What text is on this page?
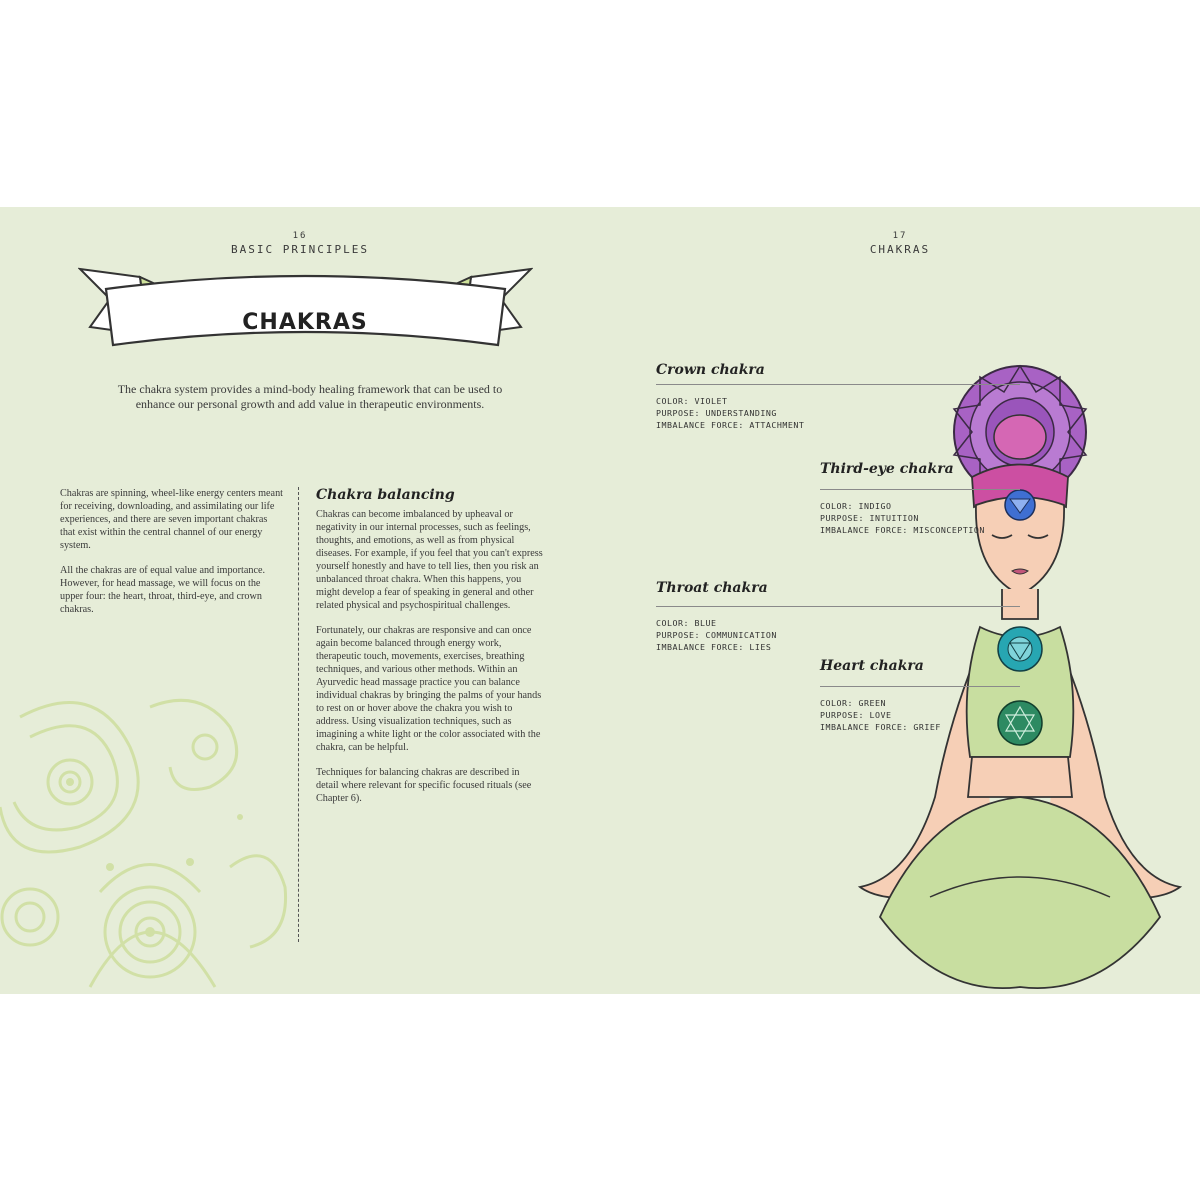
16
BASIC PRINCIPLES
CHAKRAS
The chakra system provides a mind-body healing framework that can be used to enhance our personal growth and add value in therapeutic environments.

Chakras are spinning, wheel-like energy centers meant for receiving, downloading, and assimilating our life experiences, and there are seven important chakras that exist within the central channel of our energy system.

All the chakras are of equal value and importance. However, for head massage, we will focus on the upper four: the heart, throat, third-eye, and crown chakras.

Chakra balancing

Chakras can become imbalanced by upheaval or negativity in our internal processes, such as feelings, thoughts, and emotions, as well as from physical diseases. For example, if you feel that you can't express yourself honestly and have to tell lies, then you risk an unbalanced throat chakra. When this happens, you might develop a fear of speaking in general and other related physical and psychospiritual challenges.

Fortunately, our chakras are responsive and can once again become balanced through energy work, therapeutic touch, movements, exercises, breathing techniques, and various other methods. Within an Ayurvedic head massage practice you can balance individual chakras by bringing the palms of your hands to rest on or hover above the chakra you wish to address. Using visualization techniques, such as imagining a white light or the color associated with the chakra, can be helpful.

Techniques for balancing chakras are described in detail where relevant for specific focused rituals (see Chapter 6).

17
CHAKRAS
Crown chakra
COLOR: VIOLET
PURPOSE: UNDERSTANDING
IMBALANCE FORCE: ATTACHMENT
Third-eye chakra
COLOR: INDIGO
PURPOSE: INTUITION
IMBALANCE FORCE: MISCONCEPTION
Throat chakra
COLOR: BLUE
PURPOSE: COMMUNICATION
IMBALANCE FORCE: LIES
Heart chakra
COLOR: GREEN
PURPOSE: LOVE
IMBALANCE FORCE: GRIEF
